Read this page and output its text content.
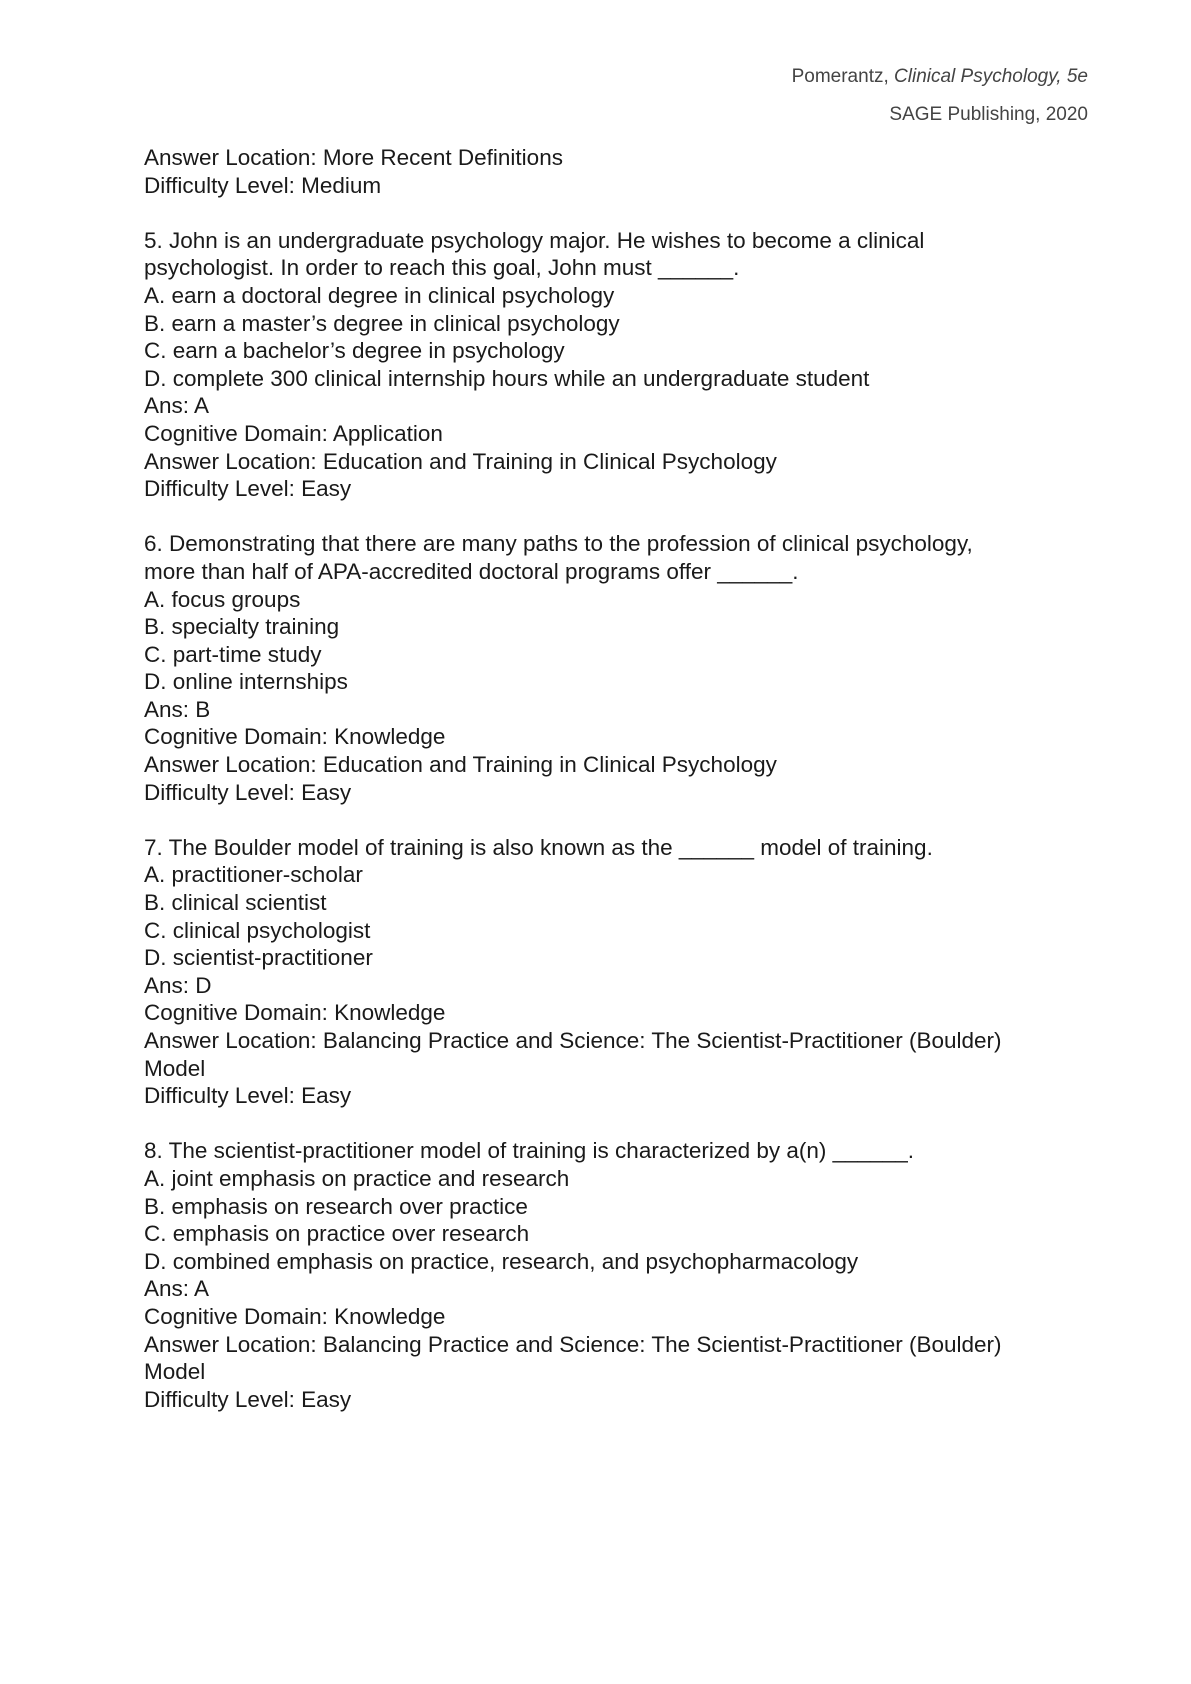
Pomerantz, Clinical Psychology, 5e
SAGE Publishing, 2020
Answer Location: More Recent Definitions
Difficulty Level: Medium
5. John is an undergraduate psychology major. He wishes to become a clinical
psychologist. In order to reach this goal, John must ______.
A. earn a doctoral degree in clinical psychology
B. earn a master’s degree in clinical psychology
C. earn a bachelor’s degree in psychology
D. complete 300 clinical internship hours while an undergraduate student
Ans: A
Cognitive Domain: Application
Answer Location: Education and Training in Clinical Psychology
Difficulty Level: Easy
6. Demonstrating that there are many paths to the profession of clinical psychology,
more than half of APA-accredited doctoral programs offer ______.
A. focus groups
B. specialty training
C. part-time study
D. online internships
Ans: B
Cognitive Domain: Knowledge
Answer Location: Education and Training in Clinical Psychology
Difficulty Level: Easy
7. The Boulder model of training is also known as the ______ model of training.
A. practitioner-scholar
B. clinical scientist
C. clinical psychologist
D. scientist-practitioner
Ans: D
Cognitive Domain: Knowledge
Answer Location: Balancing Practice and Science: The Scientist-Practitioner (Boulder)
Model
Difficulty Level: Easy
8. The scientist-practitioner model of training is characterized by a(n) ______.
A. joint emphasis on practice and research
B. emphasis on research over practice
C. emphasis on practice over research
D. combined emphasis on practice, research, and psychopharmacology
Ans: A
Cognitive Domain: Knowledge
Answer Location: Balancing Practice and Science: The Scientist-Practitioner (Boulder)
Model
Difficulty Level: Easy
